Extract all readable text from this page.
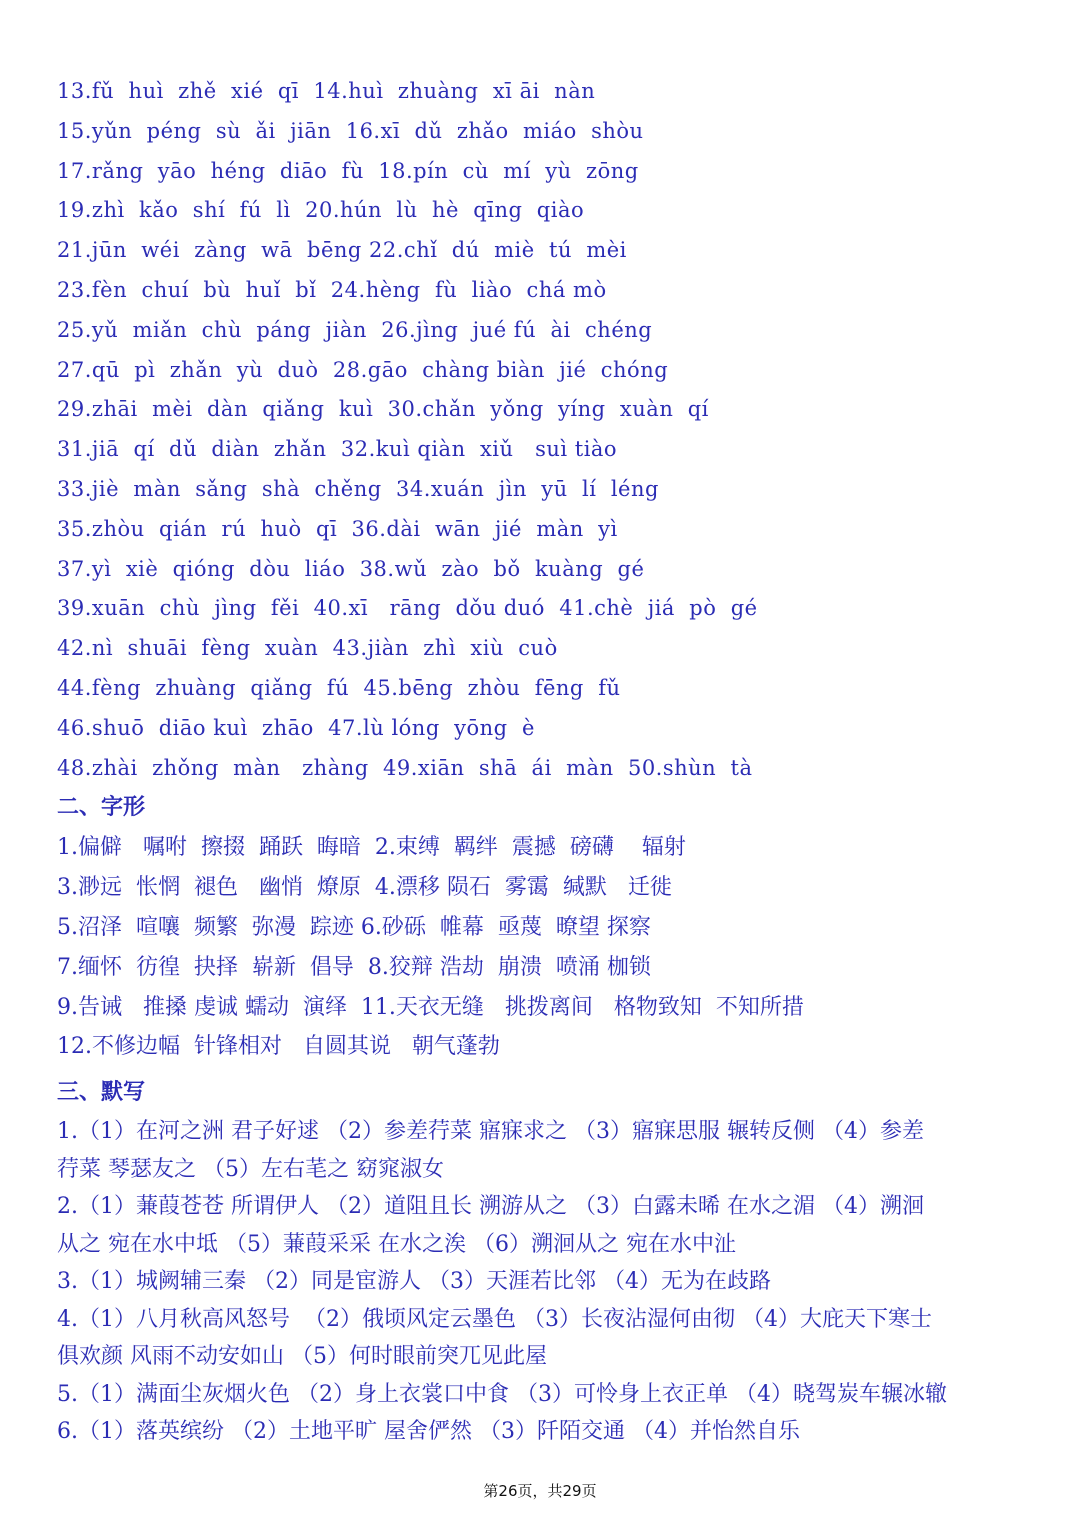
13.fǔ  huì  zhě  xié  qī  14.huì  zhuàng  xī āi  nàn
15.yǔn  péng  sù  ǎi  jiān  16.xī  dǔ  zhǎo  miáo  shòu
17.rǎng  yāo  héng  diāo  fù  18.pín  cù  mí  yù  zōng
19.zhì  kǎo  shí  fú  lì  20.hún  lù  hè  qīng  qiào
21.jūn  wéi  zàng  wā  bēng 22.chǐ  dú  miè  tú  mèi
23.fèn  chuí  bù  huǐ  bǐ  24.hèng  fù  liào  chá mò
25.yǔ  miǎn  chù  páng  jiàn  26.jìng  jué fú  ài  chéng
27.qū  pì  zhǎn  yù  duò  28.gāo  chàng biàn  jié  chóng
29.zhāi  mèi  dàn  qiǎng  kuì  30.chǎn  yǒng  yíng  xuàn  qí
31.jiā  qí  dǔ  diàn  zhǎn  32.kuì qiàn  xiǔ   suì tiào
33.jiè  màn  sǎng  shà  chěng  34.xuán  jìn  yū  lí  léng
35.zhòu  qián  rú  huò  qī  36.dài  wān  jié  màn  yì
37.yì  xiè  qióng  dòu  liáo  38.wǔ  zào  bǒ  kuàng  gé
39.xuān  chù  jìng  fěi  40.xī   rāng  dǒu duó  41.chè  jiá  pò  gé
42.nì  shuāi  fèng  xuàn  43.jiàn  zhì  xiù  cuò
44.fèng  zhuàng  qiǎng  fú  45.bēng  zhòu  fēng  fǔ
46.shuō  diāo kuì  zhāo  47.lù lóng  yōng  è
48.zhài  zhǒng  màn   zhàng  49.xiān  shā  ái  màn  50.shùn  tà
二、字形
1.偏僻   嘱咐  擦掇  踊跃  晦暗  2.束缚  羁绊  震撼  磅礴    辐射
3.渺远  怅惘  褪色   幽悄  燎原  4.漂移 陨石  雾霭  缄默   迁徙
5.沼泽  喧嚷  频繁  弥漫  踪迹 6.砂砾  帷幕  亟蔑  暸望 探察
7.缅怀  彷徨  抉择  崭新  倡导  8.狡辩 浩劫  崩溃  喷涌 枷锁
9.告诫   推搡 虔诚 蠕动  演绎  11.天衣无缝   挑拨离间   格物致知  不知所措
12.不修边幅  针锋相对   自圆其说   朝气蓬勃
三、默写
1.（1）在河之洲 君子好逑 （2）参差荇菜 寤寐求之 （3）寤寐思服 辗转反侧 （4）参差
荇菜 琴瑟友之 （5）左右芼之 窈窕淑女
2.（1）蒹葭苍苍 所谓伊人 （2）道阻且长 溯游从之 （3）白露未晞 在水之湄 （4）溯洄
从之 宛在水中坻 （5）蒹葭采采 在水之涘 （6）溯洄从之 宛在水中沚
3.（1）城阙辅三秦 （2）同是宦游人 （3）天涯若比邻 （4）无为在歧路
4.（1）八月秋高风怒号  （2）俄顷风定云墨色 （3）长夜沾湿何由彻 （4）大庇天下寒士
俱欢颜 风雨不动安如山 （5）何时眼前突兀见此屋
5.（1）满面尘灰烟火色 （2）身上衣裳口中食 （3）可怜身上衣正单 （4）晓驾炭车辗冰辙
6.（1）落英缤纷 （2）土地平旷 屋舍俨然 （3）阡陌交通 （4）并怡然自乐
第26页，共29页
